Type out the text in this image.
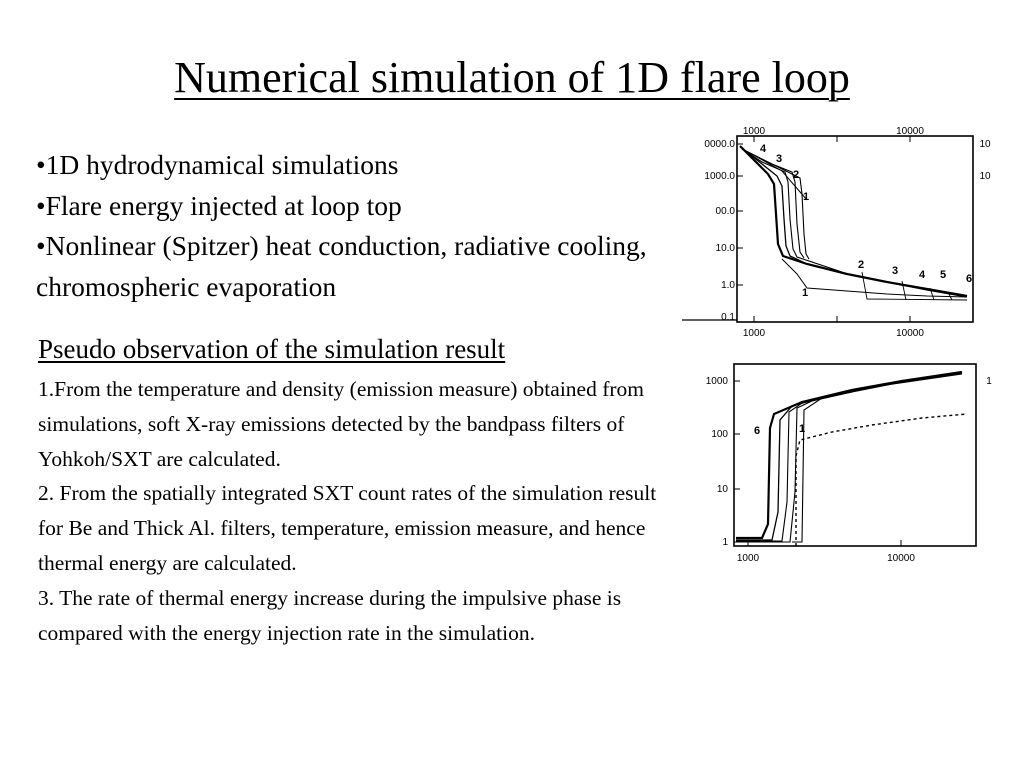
Numerical simulation of 1D flare loop
•1D hydrodynamical simulations
•Flare energy injected at loop top
•Nonlinear (Spitzer) heat conduction, radiative cooling, chromospheric evaporation
Pseudo observation of the simulation result

1.From the temperature and density (emission measure) obtained from simulations, soft X-ray emissions detected by the bandpass filters of Yohkoh/SXT are calculated.

2. From the spatially integrated SXT count rates of the simulation result for Be and Thick Al. filters, temperature, emission measure, and hence thermal energy are calculated.

3. The rate of thermal energy increase during the impulsive phase is compared with the energy injection rate in the simulation.

1000	10000
1000	10000
0000.0
1000.0
00.0
10.0
1.0
0.1
10
10
4
3
2
1
2	3 4 5 6
1
1000	10000
1000
100
10
1
1
6	1
